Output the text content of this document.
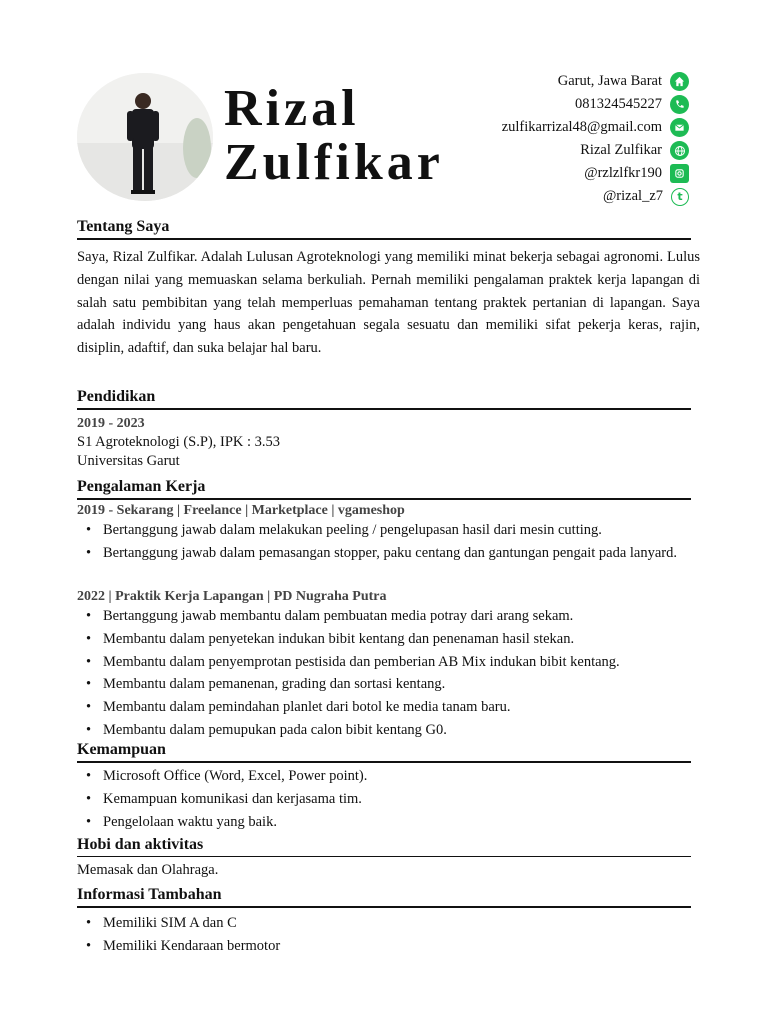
Rizal
Zulfikar
Garut, Jawa Barat
081324545227
zulfikarrizal48@gmail.com
Rizal Zulfikar
@rzlzlfkr190
@rizal_z7	t
Tentang Saya
Saya, Rizal Zulfikar. Adalah Lulusan Agroteknologi yang memiliki minat bekerja sebagai agronomi. Lulus dengan nilai yang memuaskan selama berkuliah. Pernah memiliki pengalaman praktek kerja lapangan di salah satu pembibitan yang telah memperluas pemahaman tentang praktek pertanian di lapangan. Saya adalah individu yang haus akan pengetahuan segala sesuatu dan memiliki sifat pekerja keras, rajin, disiplin, adaftif, dan suka belajar hal baru.
Pendidikan
2019 - 2023
S1 Agroteknologi (S.P), IPK : 3.53
Universitas Garut
Pengalaman Kerja
2019 - Sekarang | Freelance | Marketplace | vgameshop
• Bertanggung jawab dalam melakukan peeling / pengelupasan hasil dari mesin cutting.
• Bertanggung jawab dalam pemasangan stopper, paku centang dan gantungan pengait pada lanyard.
2022 | Praktik Kerja Lapangan | PD Nugraha Putra
• Bertanggung jawab membantu dalam pembuatan media potray dari arang sekam.
• Membantu dalam penyetekan indukan bibit kentang dan penenaman hasil stekan.
• Membantu dalam penyemprotan pestisida dan pemberian AB Mix indukan bibit kentang.
• Membantu dalam pemanenan, grading dan sortasi kentang.
• Membantu dalam pemindahan planlet dari botol ke media tanam baru.
• Membantu dalam pemupukan pada calon bibit kentang G0.
Kemampuan
• Microsoft Office (Word, Excel, Power point).
• Kemampuan komunikasi dan kerjasama tim.
• Pengelolaan waktu yang baik.
Hobi dan aktivitas
Memasak dan Olahraga.
Informasi Tambahan
• Memiliki SIM A dan C
• Memiliki Kendaraan bermotor
